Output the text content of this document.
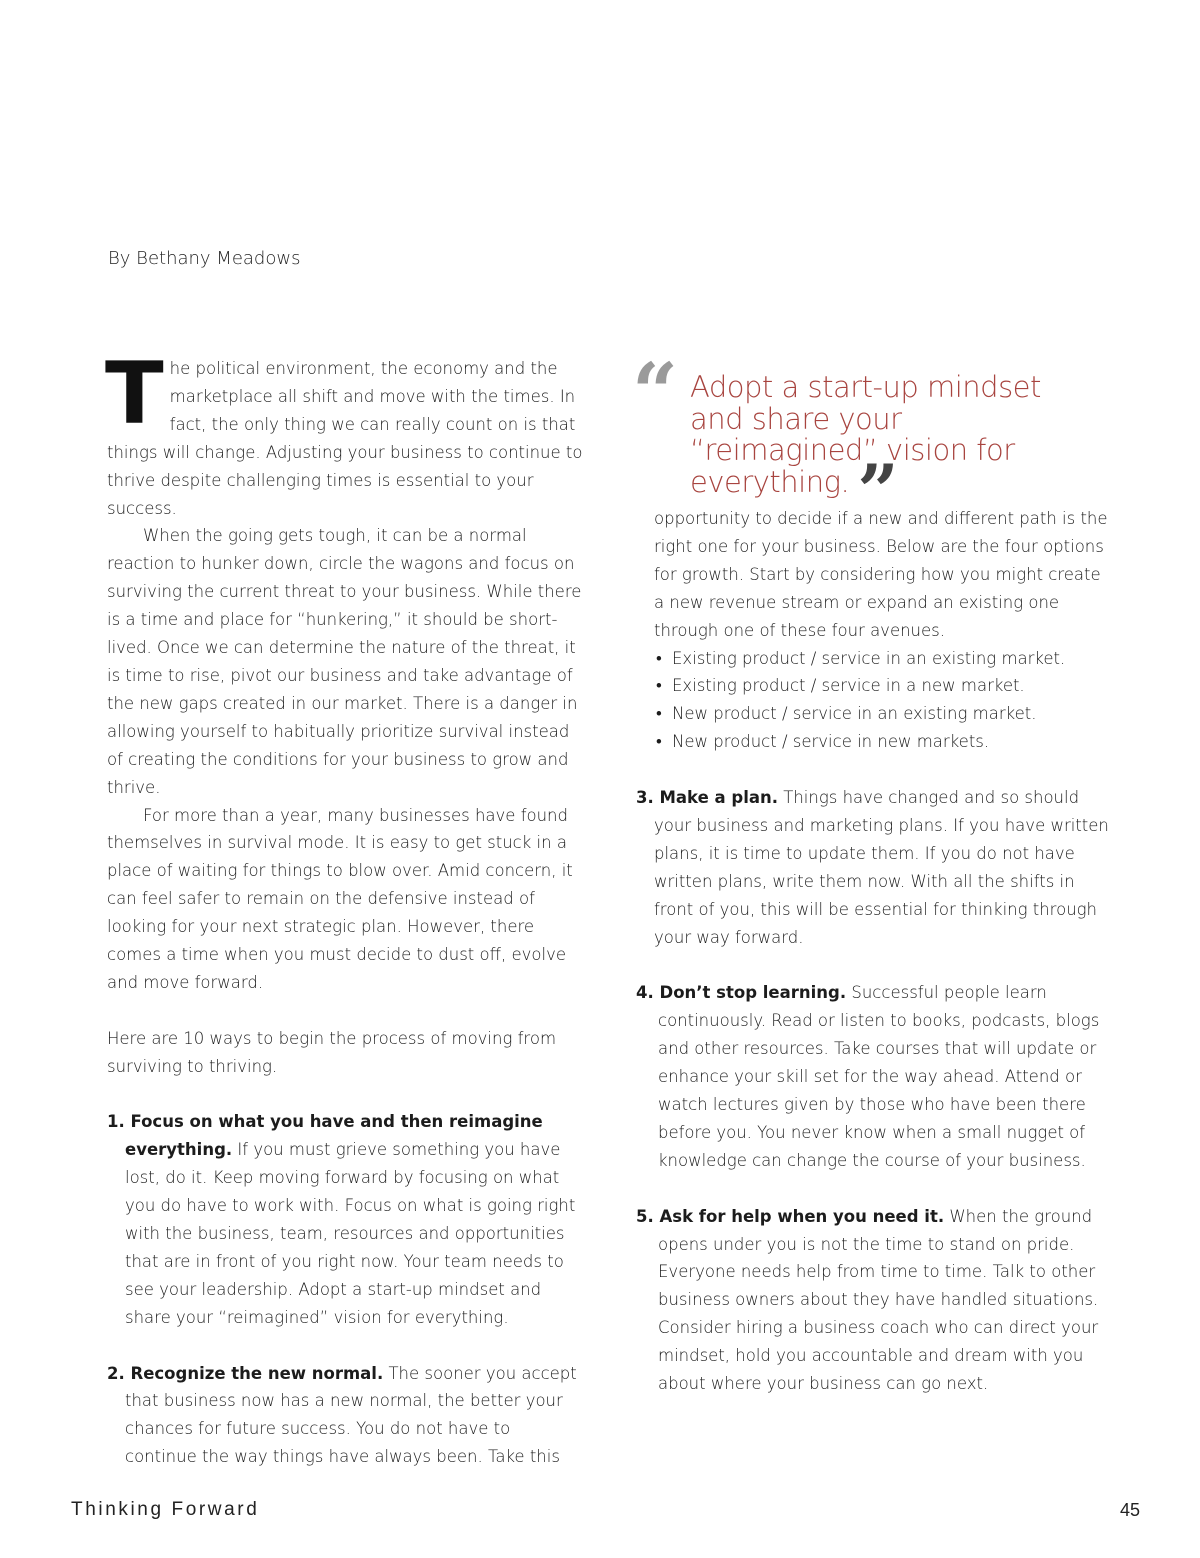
By Bethany Meadows

The political environment, the economy and the marketplace all shift and move with the times. In fact, the only thing we can really count on is that things will change. Adjusting your business to continue to thrive despite challenging times is essential to your success.

When the going gets tough, it can be a normal reaction to hunker down, circle the wagons and focus on surviving the current threat to your business. While there is a time and place for “hunkering,” it should be short-lived. Once we can determine the nature of the threat, it is time to rise, pivot our business and take advantage of the new gaps created in our market. There is a danger in allowing yourself to habitually prioritize survival instead of creating the conditions for your business to grow and thrive.

For more than a year, many businesses have found themselves in survival mode. It is easy to get stuck in a place of waiting for things to blow over. Amid concern, it can feel safer to remain on the defensive instead of looking for your next strategic plan. However, there comes a time when you must decide to dust off, evolve and move forward.

Here are 10 ways to begin the process of moving from surviving to thriving.

1. Focus on what you have and then reimagine everything. If you must grieve something you have lost, do it. Keep moving forward by focusing on what you do have to work with. Focus on what is going right with the business, team, resources and opportunities that are in front of you right now. Your team needs to see your leadership. Adopt a start-up mindset and share your “reimagined” vision for everything.

2. Recognize the new normal. The sooner you accept that business now has a new normal, the better your chances for future success. You do not have to continue the way things have always been. Take this

“ Adopt a start-up mindset and share your “reimagined” vision for everything. ”

opportunity to decide if a new and different path is the right one for your business. Below are the four options for growth. Start by considering how you might create a new revenue stream or expand an existing one through one of these four avenues.

• Existing product / service in an existing market.
• Existing product / service in a new market.
• New product / service in an existing market.
• New product / service in new markets.

3. Make a plan. Things have changed and so should your business and marketing plans. If you have written plans, it is time to update them. If you do not have written plans, write them now. With all the shifts in front of you, this will be essential for thinking through your way forward.

4. Don’t stop learning. Successful people learn continuously. Read or listen to books, podcasts, blogs and other resources. Take courses that will update or enhance your skill set for the way ahead. Attend or watch lectures given by those who have been there before you. You never know when a small nugget of knowledge can change the course of your business.

5. Ask for help when you need it. When the ground opens under you is not the time to stand on pride. Everyone needs help from time to time. Talk to other business owners about they have handled situations. Consider hiring a business coach who can direct your mindset, hold you accountable and dream with you about where your business can go next.

Thinking Forward	45
